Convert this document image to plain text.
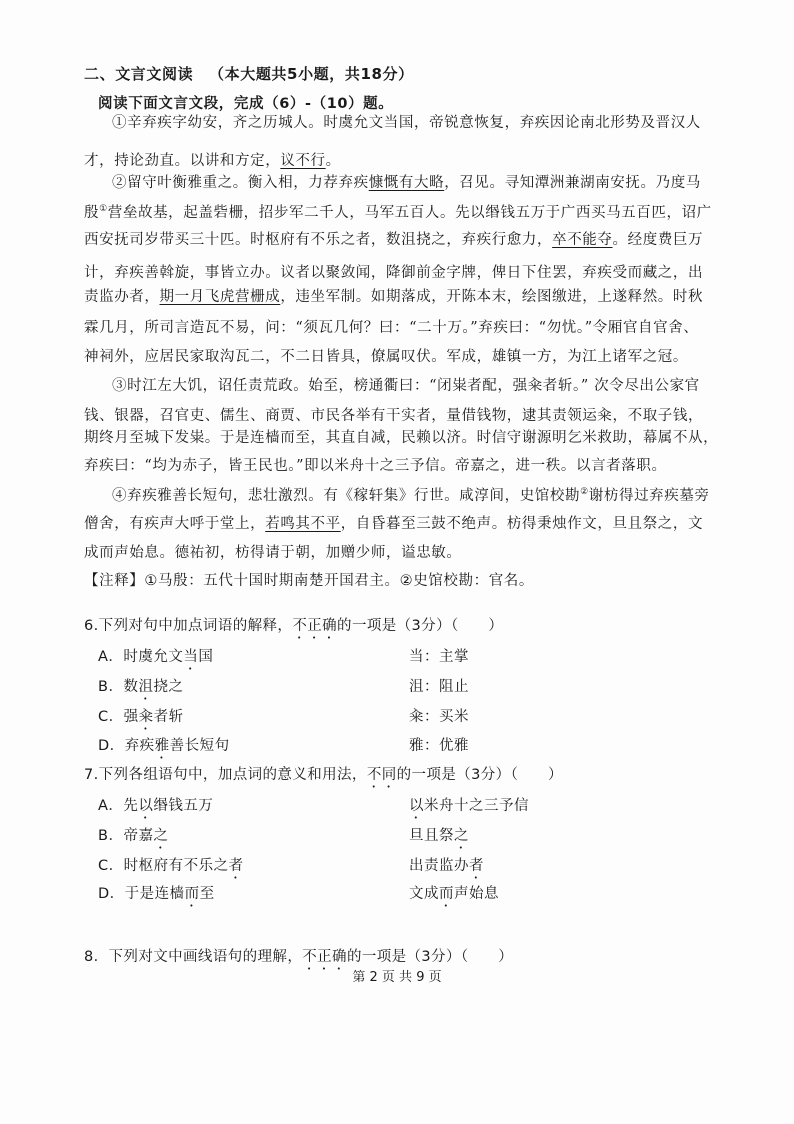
二、文言文阅读 （本大题共5小题，共18分）
阅读下面文言文段，完成（6）-（10）题。
①辛弃疾字幼安，齐之历城人。时虞允文当国，帝锐意恢复，弃疾因论南北形势及晋汉人
才，持论劲直。以讲和方定，议不行。
②留守叶衡雅重之。衡入相，力荐弃疾慷慨有大略，召见。寻知潭洲兼湖南安抚。乃度马
殷①营垒故基，起盖砦栅，招步军二千人，马军五百人。先以缗钱五万于广西买马五百匹，诏广
西安抚司岁带买三十匹。时枢府有不乐之者，数沮挠之，弃疾行愈力，卒不能夺。经度费巨万
计，弃疾善斡旋，事皆立办。议者以聚敛闻，降御前金字牌，俾日下住罢，弃疾受而藏之，出
责监办者，期一月飞虎营栅成，违坐军制。如期落成，开陈本末，绘图缴进，上遂释然。时秋
霖几月，所司言造瓦不易，问：“须瓦几何？曰：“二十万。”弃疾曰：“勿忧。”令厢官自官舍、
神祠外，应居民家取沟瓦二，不二日皆具，僚属叹伏。军成，雄镇一方，为江上诸军之冠。
③时江左大饥，诏任责荒政。始至，榜通衢曰：“闭粜者配，强籴者斩。” 次令尽出公家官
钱、银器，召官吏、儒生、商贾、市民各举有干实者，量借钱物，逮其责领运籴，不取子钱，
期终月至城下发粜。于是连樯而至，其直自减，民赖以济。时信守谢源明乞米救助，幕属不从，
弃疾曰：“均为赤子，皆王民也。”即以米舟十之三予信。帝嘉之，进一秩。以言者落职。
④弃疾雅善长短句，悲壮激烈。有《稼轩集》行世。咸淳间，史馆校勘②谢枋得过弃疾墓旁
僧舍，有疾声大呼于堂上，若鸣其不平，自昏暮至三鼓不绝声。枋得秉烛作文，旦且祭之，文
成而声始息。德祐初，枋得请于朝，加赠少师，谥忠敏。
【注释】①马殷：五代十国时期南楚开国君主。②史馆校勘：官名。
6.下列对句中加点词语的解释，不正确的一项是（3分）（　　）
A．时虞允文当国	当：主掌
B．数沮挠之	沮：阻止
C．强籴者斩	籴：买米
D．弃疾雅善长短句	雅：优雅
7.下列各组语句中，加点词的意义和用法，不同的一项是（3分）（　　）
A．先以缗钱五万	以米舟十之三予信
B．帝嘉之	旦且祭之
C．时枢府有不乐之者	出责监办者
D．于是连樯而至	文成而声始息
8．下列对文中画线语句的理解，不正确的一项是（3分）（　　）
第 2 页 共 9 页
